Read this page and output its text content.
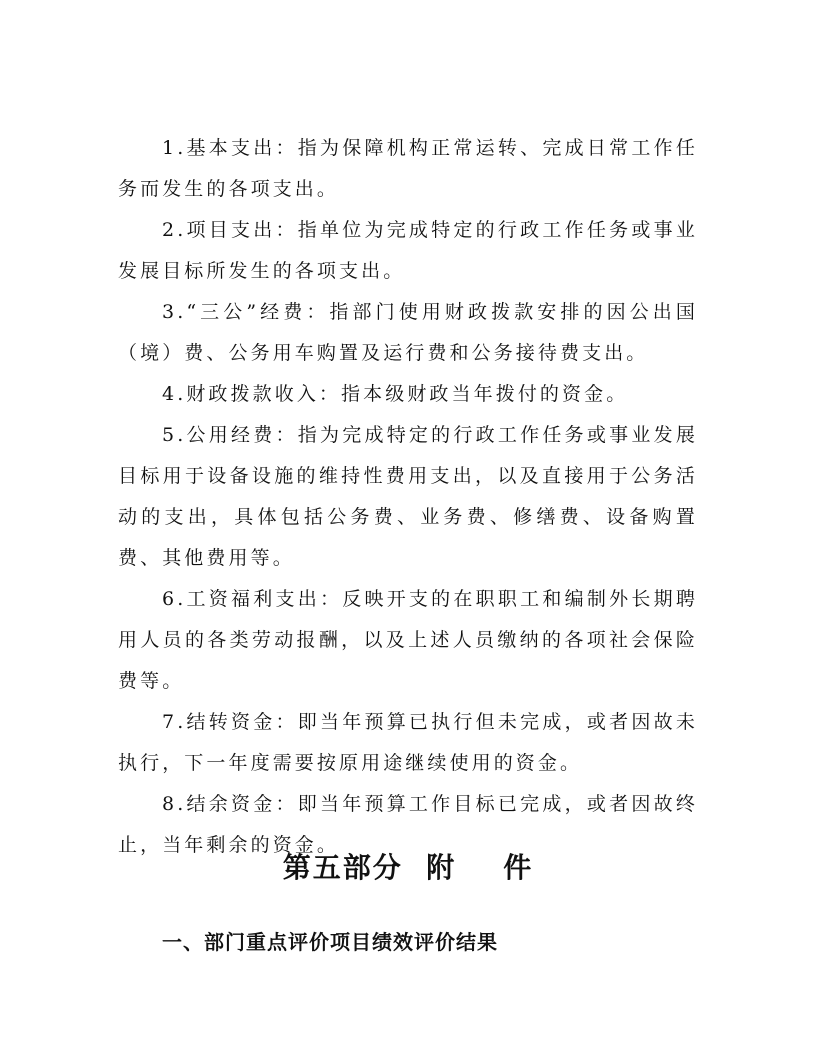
1.基本支出：指为保障机构正常运转、完成日常工作任务而发生的各项支出。

2.项目支出：指单位为完成特定的行政工作任务或事业发展目标所发生的各项支出。

3.“三公”经费：指部门使用财政拨款安排的因公出国（境）费、公务用车购置及运行费和公务接待费支出。

4.财政拨款收入：指本级财政当年拨付的资金。

5.公用经费：指为完成特定的行政工作任务或事业发展目标用于设备设施的维持性费用支出，以及直接用于公务活动的支出，具体包括公务费、业务费、修缮费、设备购置费、其他费用等。

6.工资福利支出：反映开支的在职职工和编制外长期聘用人员的各类劳动报酬，以及上述人员缴纳的各项社会保险费等。

7.结转资金：即当年预算已执行但未完成，或者因故未执行，下一年度需要按原用途继续使用的资金。

8.结余资金：即当年预算工作目标已完成，或者因故终止，当年剩余的资金。

第五部分  附    件
一、部门重点评价项目绩效评价结果
